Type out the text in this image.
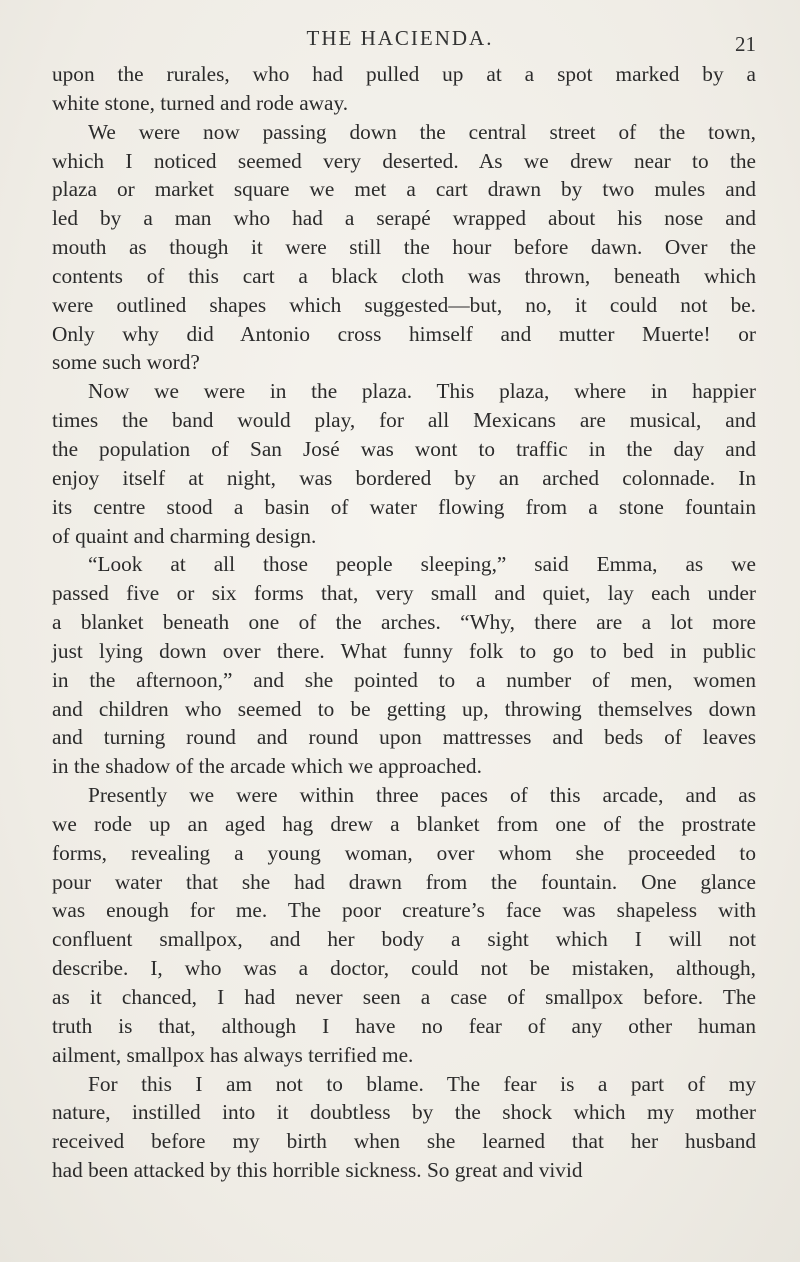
THE HACIENDA.	21
upon the rurales, who had pulled up at a spot marked by a
white stone, turned and rode away.
We were now passing down the central street of the town,
which I noticed seemed very deserted. As we drew near to the
plaza or market square we met a cart drawn by two mules and
led by a man who had a serapé wrapped about his nose and
mouth as though it were still the hour before dawn. Over the
contents of this cart a black cloth was thrown, beneath which
were outlined shapes which suggested—but, no, it could not be.
Only why did Antonio cross himself and mutter Muerte! or
some such word?
Now we were in the plaza. This plaza, where in happier
times the band would play, for all Mexicans are musical, and
the population of San José was wont to traffic in the day and
enjoy itself at night, was bordered by an arched colonnade. In
its centre stood a basin of water flowing from a stone fountain
of quaint and charming design.
“Look at all those people sleeping,” said Emma, as we
passed five or six forms that, very small and quiet, lay each under
a blanket beneath one of the arches. “Why, there are a lot more
just lying down over there. What funny folk to go to bed in public
in the afternoon,” and she pointed to a number of men, women
and children who seemed to be getting up, throwing themselves down
and turning round and round upon mattresses and beds of leaves
in the shadow of the arcade which we approached.
Presently we were within three paces of this arcade, and as
we rode up an aged hag drew a blanket from one of the prostrate
forms, revealing a young woman, over whom she proceeded to
pour water that she had drawn from the fountain. One glance
was enough for me. The poor creature’s face was shapeless with
confluent smallpox, and her body a sight which I will not
describe. I, who was a doctor, could not be mistaken, although,
as it chanced, I had never seen a case of smallpox before. The
truth is that, although I have no fear of any other human
ailment, smallpox has always terrified me.
For this I am not to blame. The fear is a part of my
nature, instilled into it doubtless by the shock which my mother
received before my birth when she learned that her husband
had been attacked by this horrible sickness. So great and vivid
